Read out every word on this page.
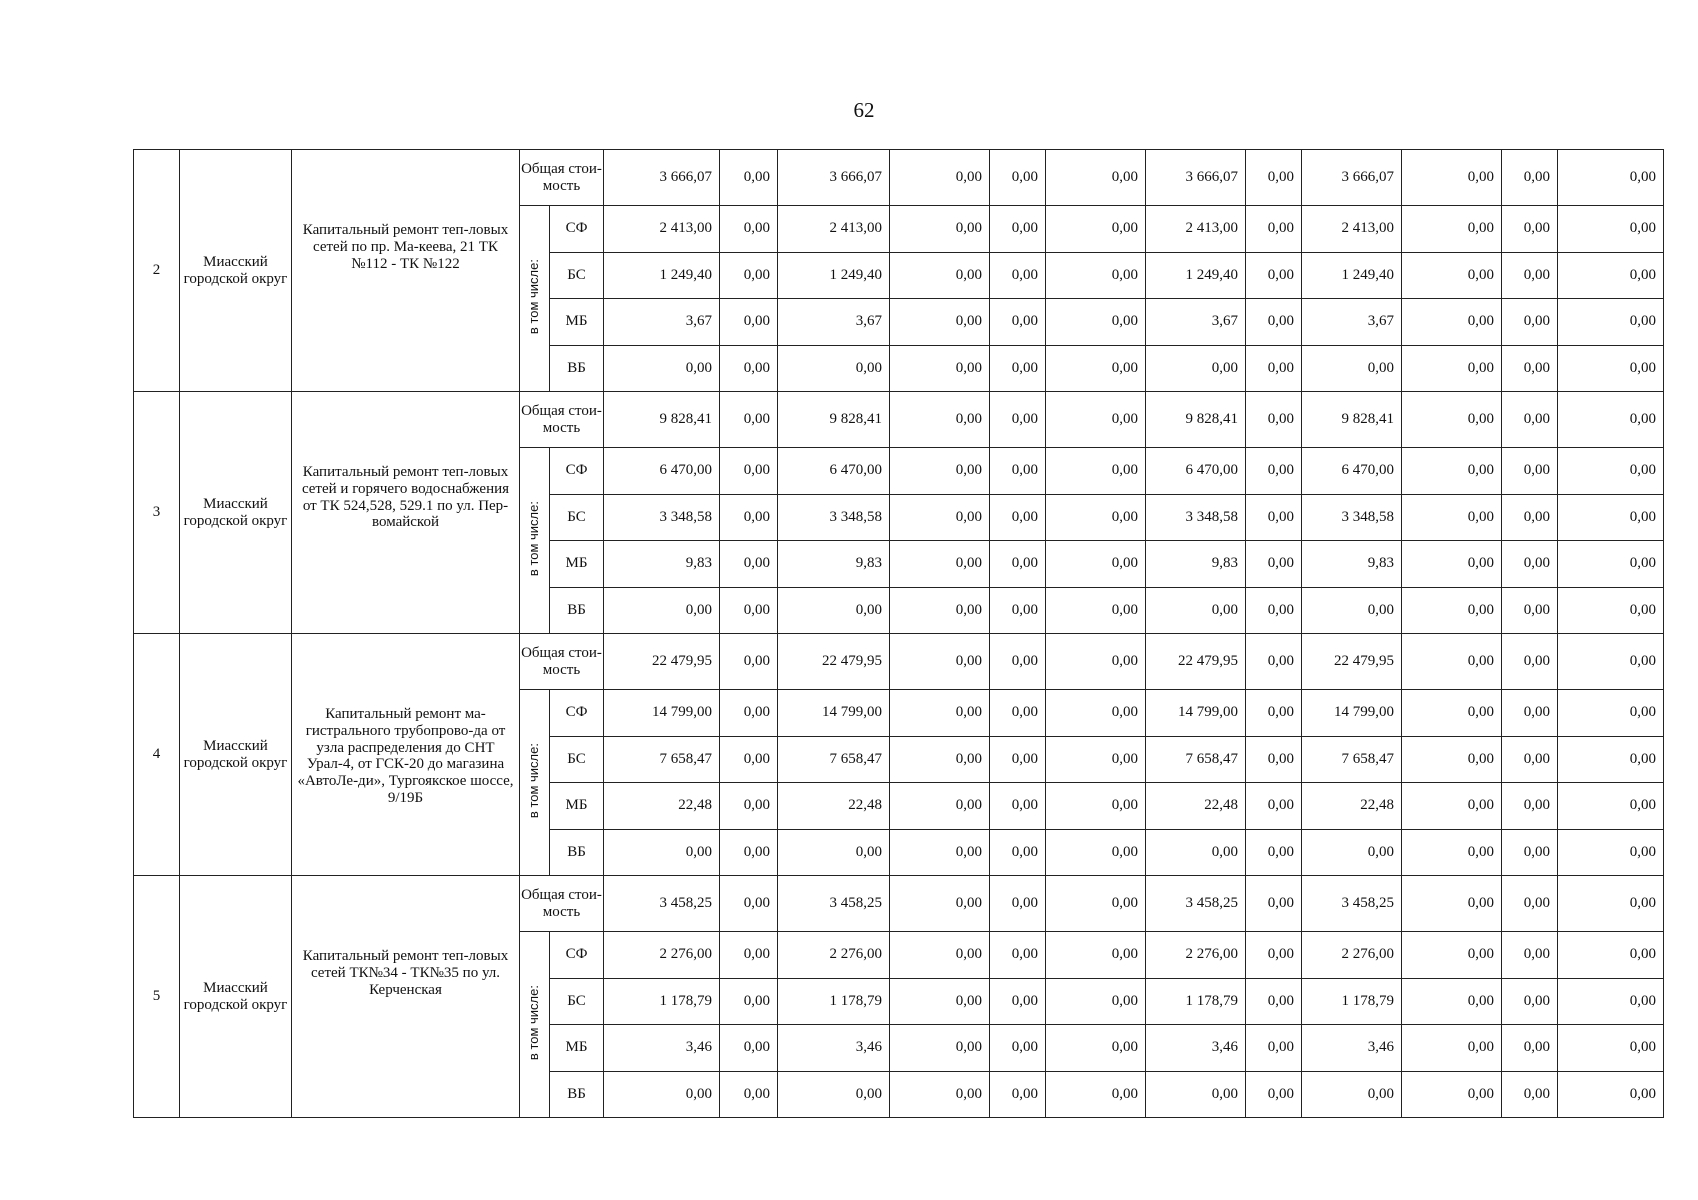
62
2	Миасский городской округ	Капитальный ремонт теп-ловых сетей по пр. Ма-кеева, 21 ТК №112 - ТК №122	Общая стои-мость		3 666,07	0,00	3 666,07	0,00	0,00	0,00	3 666,07	0,00	3 666,07	0,00	0,00	0,00
			в том числе:	СФ	2 413,00	0,00	2 413,00	0,00	0,00	0,00	2 413,00	0,00	2 413,00	0,00	0,00	0,00
				БС	1 249,40	0,00	1 249,40	0,00	0,00	0,00	1 249,40	0,00	1 249,40	0,00	0,00	0,00
				МБ	3,67	0,00	3,67	0,00	0,00	0,00	3,67	0,00	3,67	0,00	0,00	0,00
				ВБ	0,00	0,00	0,00	0,00	0,00	0,00	0,00	0,00	0,00	0,00	0,00	0,00
3	Миасский городской округ	Капитальный ремонт теп-ловых сетей и горячего водоснабжения от ТК 524,528, 529.1 по ул. Пер-вомайской	Общая стои-мость		9 828,41	0,00	9 828,41	0,00	0,00	0,00	9 828,41	0,00	9 828,41	0,00	0,00	0,00
			в том числе:	СФ	6 470,00	0,00	6 470,00	0,00	0,00	0,00	6 470,00	0,00	6 470,00	0,00	0,00	0,00
				БС	3 348,58	0,00	3 348,58	0,00	0,00	0,00	3 348,58	0,00	3 348,58	0,00	0,00	0,00
				МБ	9,83	0,00	9,83	0,00	0,00	0,00	9,83	0,00	9,83	0,00	0,00	0,00
				ВБ	0,00	0,00	0,00	0,00	0,00	0,00	0,00	0,00	0,00	0,00	0,00	0,00
4	Миасский городской округ	Капитальный ремонт ма-гистрального трубопрово-да от узла распределения до СНТ Урал-4, от ГСК-20 до магазина «АвтоЛе-ди», Тургоякское шоссе, 9/19Б	Общая стои-мость		22 479,95	0,00	22 479,95	0,00	0,00	0,00	22 479,95	0,00	22 479,95	0,00	0,00	0,00
			в том числе:	СФ	14 799,00	0,00	14 799,00	0,00	0,00	0,00	14 799,00	0,00	14 799,00	0,00	0,00	0,00
				БС	7 658,47	0,00	7 658,47	0,00	0,00	0,00	7 658,47	0,00	7 658,47	0,00	0,00	0,00
				МБ	22,48	0,00	22,48	0,00	0,00	0,00	22,48	0,00	22,48	0,00	0,00	0,00
				ВБ	0,00	0,00	0,00	0,00	0,00	0,00	0,00	0,00	0,00	0,00	0,00	0,00
5	Миасский городской округ	Капитальный ремонт теп-ловых сетей ТК№34 - ТК№35 по ул. Керченская	Общая стои-мость		3 458,25	0,00	3 458,25	0,00	0,00	0,00	3 458,25	0,00	3 458,25	0,00	0,00	0,00
			в том числе:	СФ	2 276,00	0,00	2 276,00	0,00	0,00	0,00	2 276,00	0,00	2 276,00	0,00	0,00	0,00
				БС	1 178,79	0,00	1 178,79	0,00	0,00	0,00	1 178,79	0,00	1 178,79	0,00	0,00	0,00
				МБ	3,46	0,00	3,46	0,00	0,00	0,00	3,46	0,00	3,46	0,00	0,00	0,00
				ВБ	0,00	0,00	0,00	0,00	0,00	0,00	0,00	0,00	0,00	0,00	0,00	0,00
